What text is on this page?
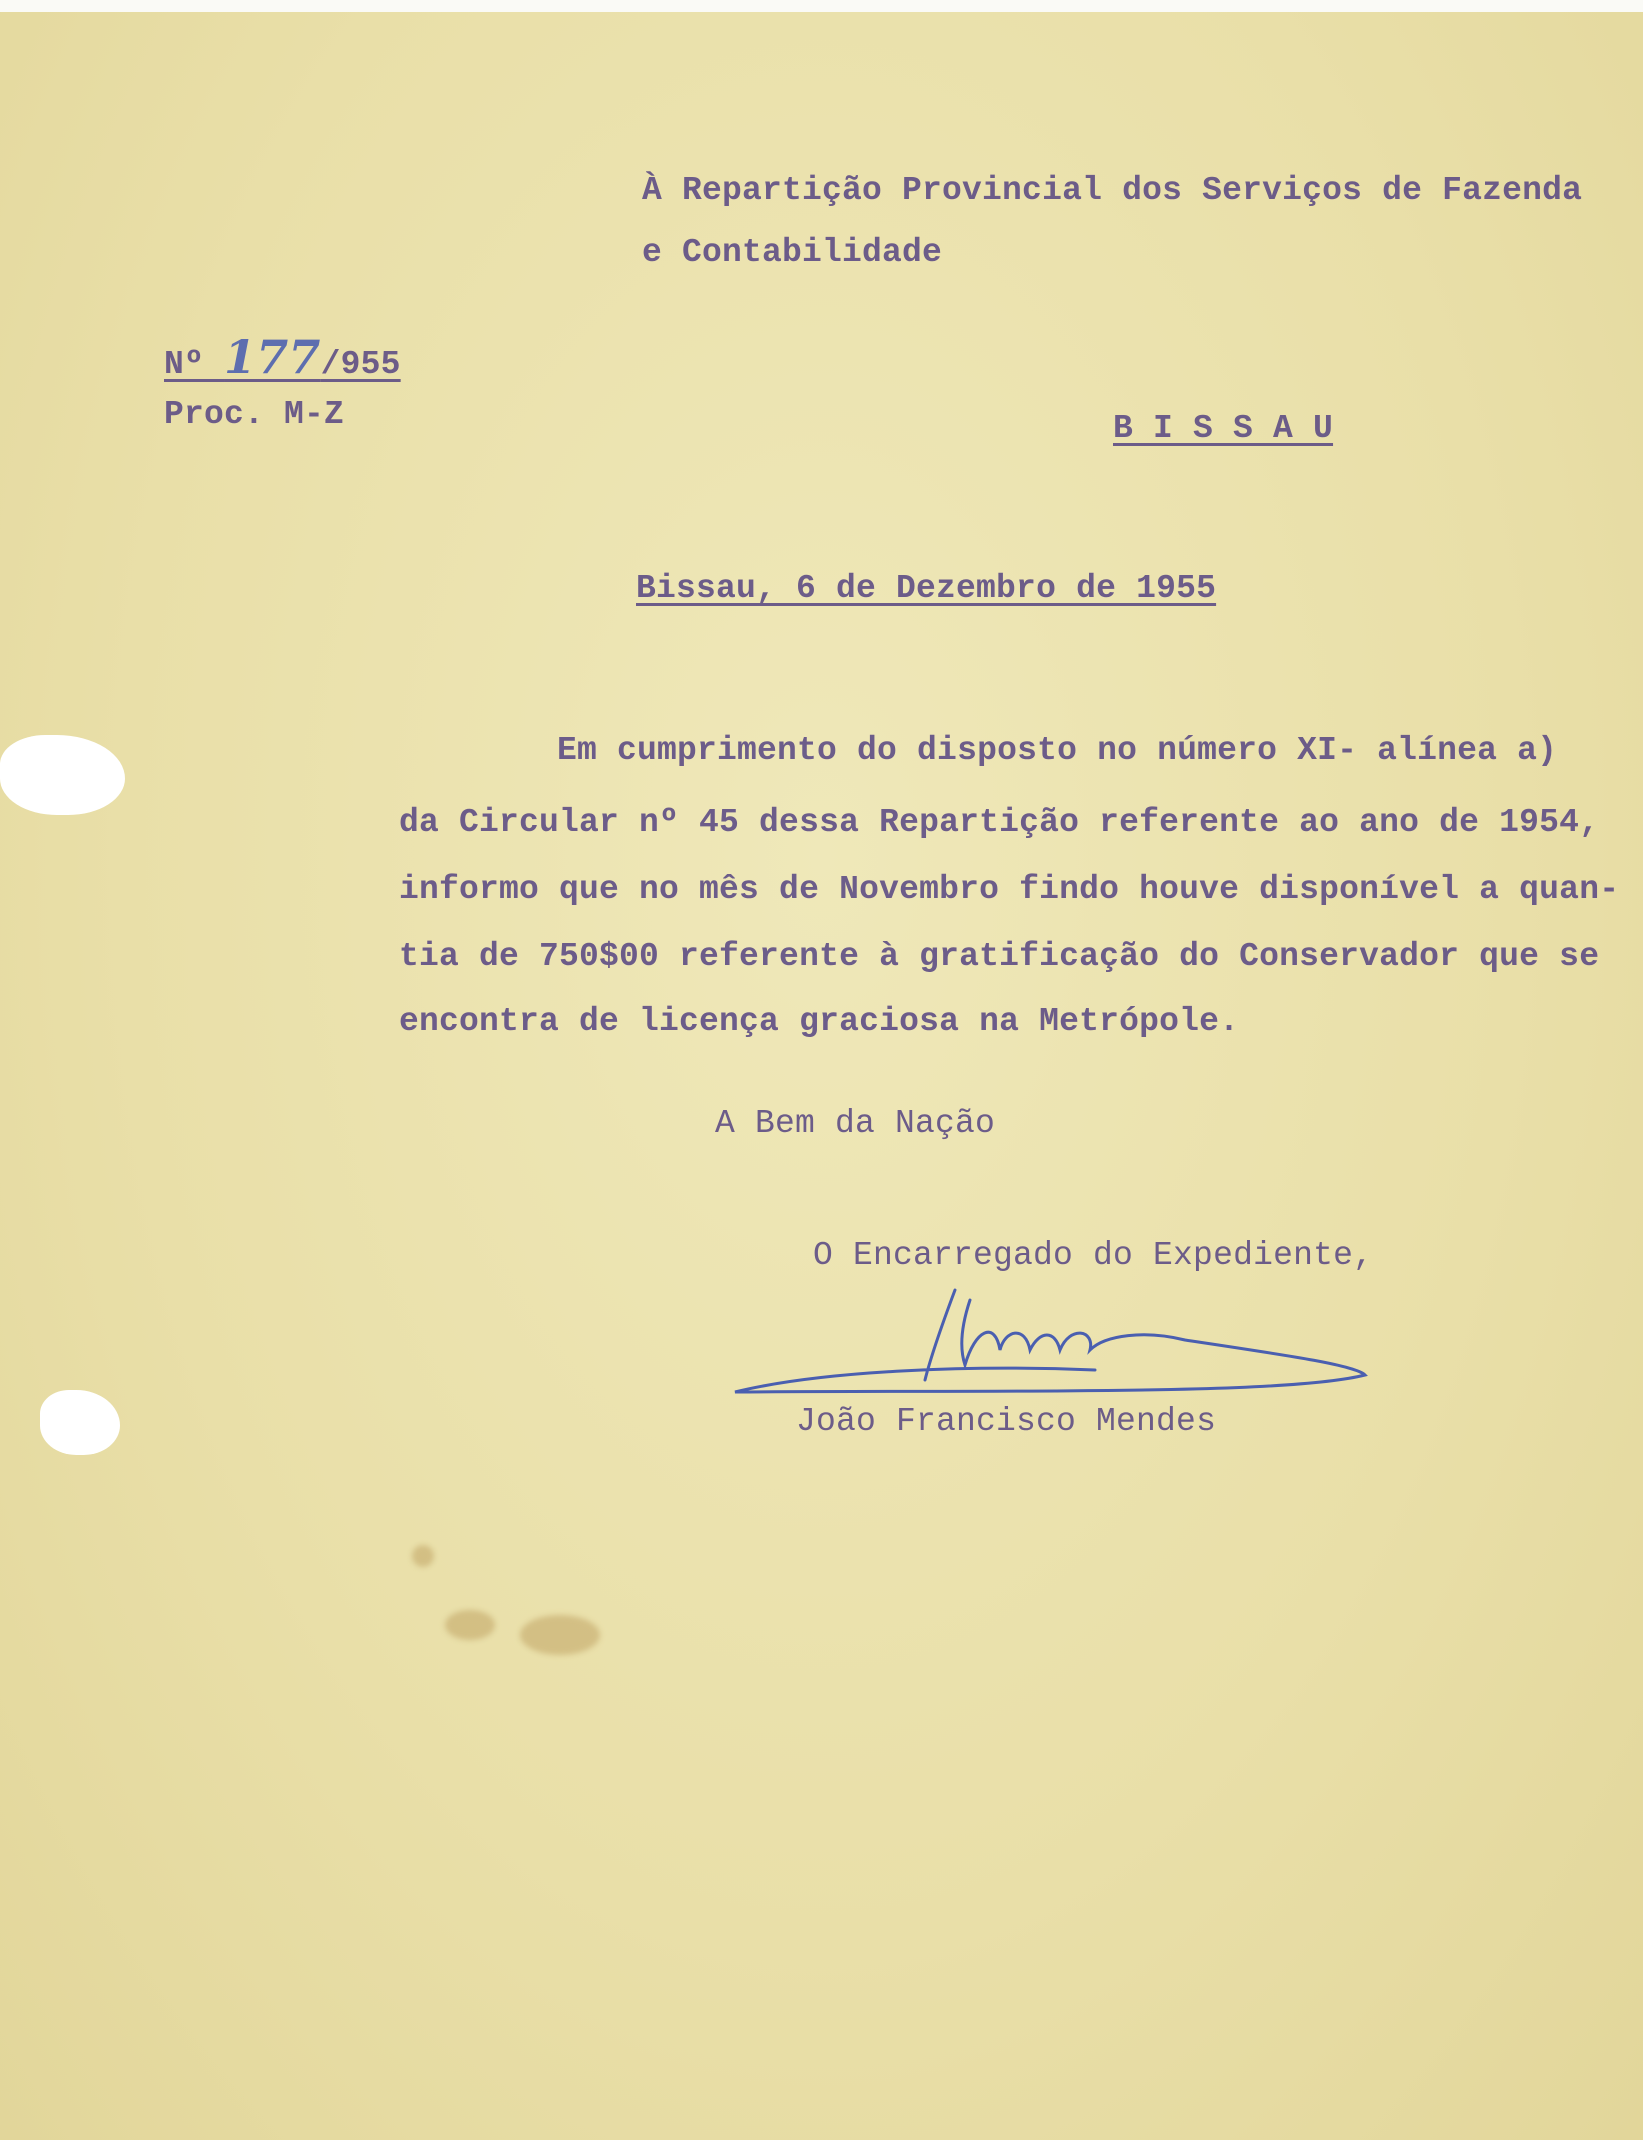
À Repartição Provincial dos Serviços de Fazenda
e Contabilidade
Nº 177/955
Proc. M-Z	B I S S A U
Bissau, 6 de Dezembro de 1955
Em cumprimento do disposto no número XI- alínea a)
da Circular nº 45 dessa Repartição referente ao ano de 1954,
informo que no mês de Novembro findo houve disponível a quan-
tia de 750$00 referente à gratificação do Conservador que se
encontra de licença graciosa na Metrópole.
A Bem da Nação
O Encarregado do Expediente,
João Francisco Mendes
